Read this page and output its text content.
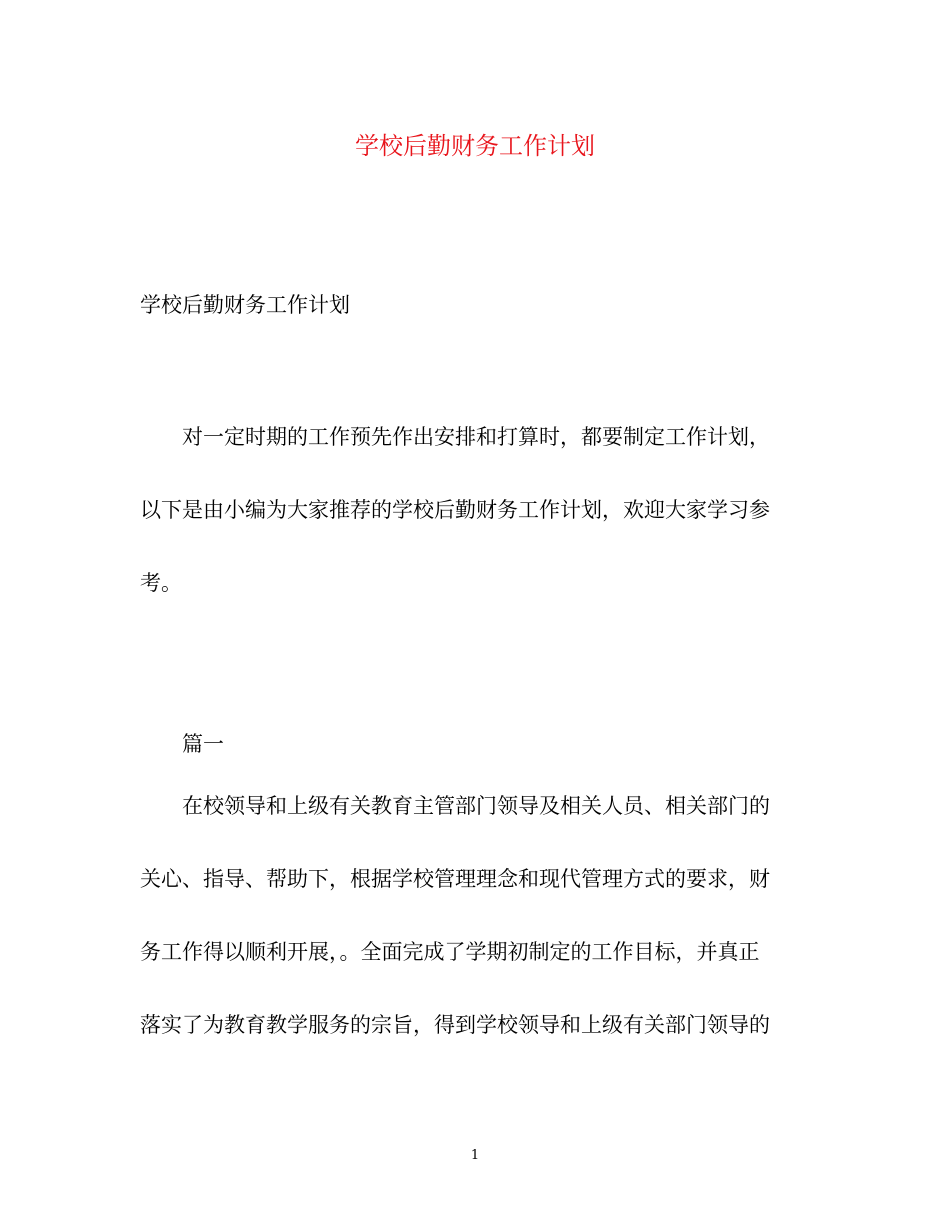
学校后勤财务工作计划
学校后勤财务工作计划
对一定时期的工作预先作出安排和打算时，都要制定工作计划，
以下是由小编为大家推荐的学校后勤财务工作计划，欢迎大家学习参
考。
篇一
在校领导和上级有关教育主管部门领导及相关人员、相关部门的
关心、指导、帮助下，根据学校管理理念和现代管理方式的要求，财
务工作得以顺利开展，。全面完成了学期初制定的工作目标，并真正
落实了为教育教学服务的宗旨，得到学校领导和上级有关部门领导的
1
